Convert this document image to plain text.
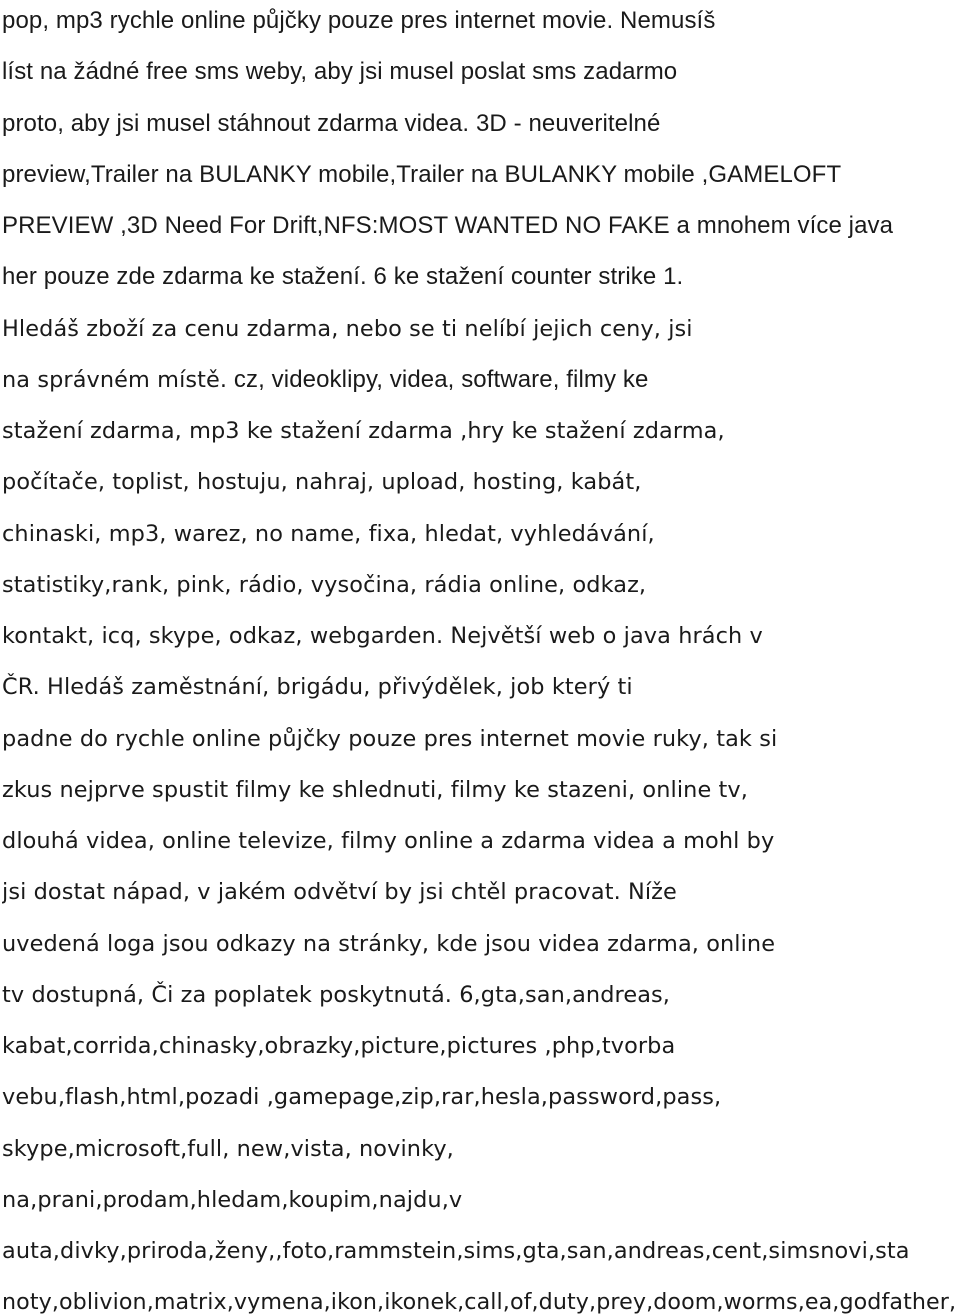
pop, mp3 rychle online půjčky pouze pres internet movie. Nemusíš
líst na žádné free sms weby, aby jsi musel poslat sms zadarmo
proto, aby jsi musel stáhnout zdarma videa. 3D - neuveritelné
preview,Trailer na BULANKY mobile,Trailer na BULANKY mobile ,GAMELOFT
PREVIEW ,3D Need For Drift,NFS:MOST WANTED NO FAKE a mnohem více java
her pouze zde zdarma ke stažení. 6 ke stažení counter strike 1.
Hledáš zboží za cenu zdarma, nebo se ti nelíbí jejich ceny, jsi
na správném místě. cz, videoklipy, videa, software, filmy ke
stažení zdarma, mp3 ke stažení zdarma ,hry ke stažení zdarma,
počítače, toplist, hostuju, nahraj, upload, hosting, kabát,
chinaski, mp3, warez, no name, fixa, hledat, vyhledávání,
statistiky,rank, pink, rádio, vysočina, rádia online, odkaz,
kontakt, icq, skype, odkaz, webgarden. Největší web o java hrách v
ČR. Hledáš zaměstnání, brigádu, přivýdělek, job který ti
padne do rychle online půjčky pouze pres internet movie ruky, tak si
zkus nejprve spustit filmy ke shlednuti, filmy ke stazeni, online tv,
dlouhá videa, online televize, filmy online a zdarma videa a mohl by
jsi dostat nápad, v jakém odvětví by jsi chtěl pracovat. Níže
uvedená loga jsou odkazy na stránky, kde jsou videa zdarma, online
tv dostupná, Či za poplatek poskytnutá. 6,gta,san,andreas,
kabat,corrida,chinasky,obrazky,picture,pictures ,php,tvorba
vebu,flash,html,pozadi ,gamepage,zip,rar,hesla,password,pass,
skype,microsoft,full, new,vista, novinky,
na,prani,prodam,hledam,koupim,najdu,v
auta,divky,priroda,ženy,,foto,rammstein,sims,gta,san,andreas,cent,simsnovi,sta
noty,oblivion,matrix,vymena,ikon,ikonek,call,of,duty,prey,doom,worms,ea,godfather,
